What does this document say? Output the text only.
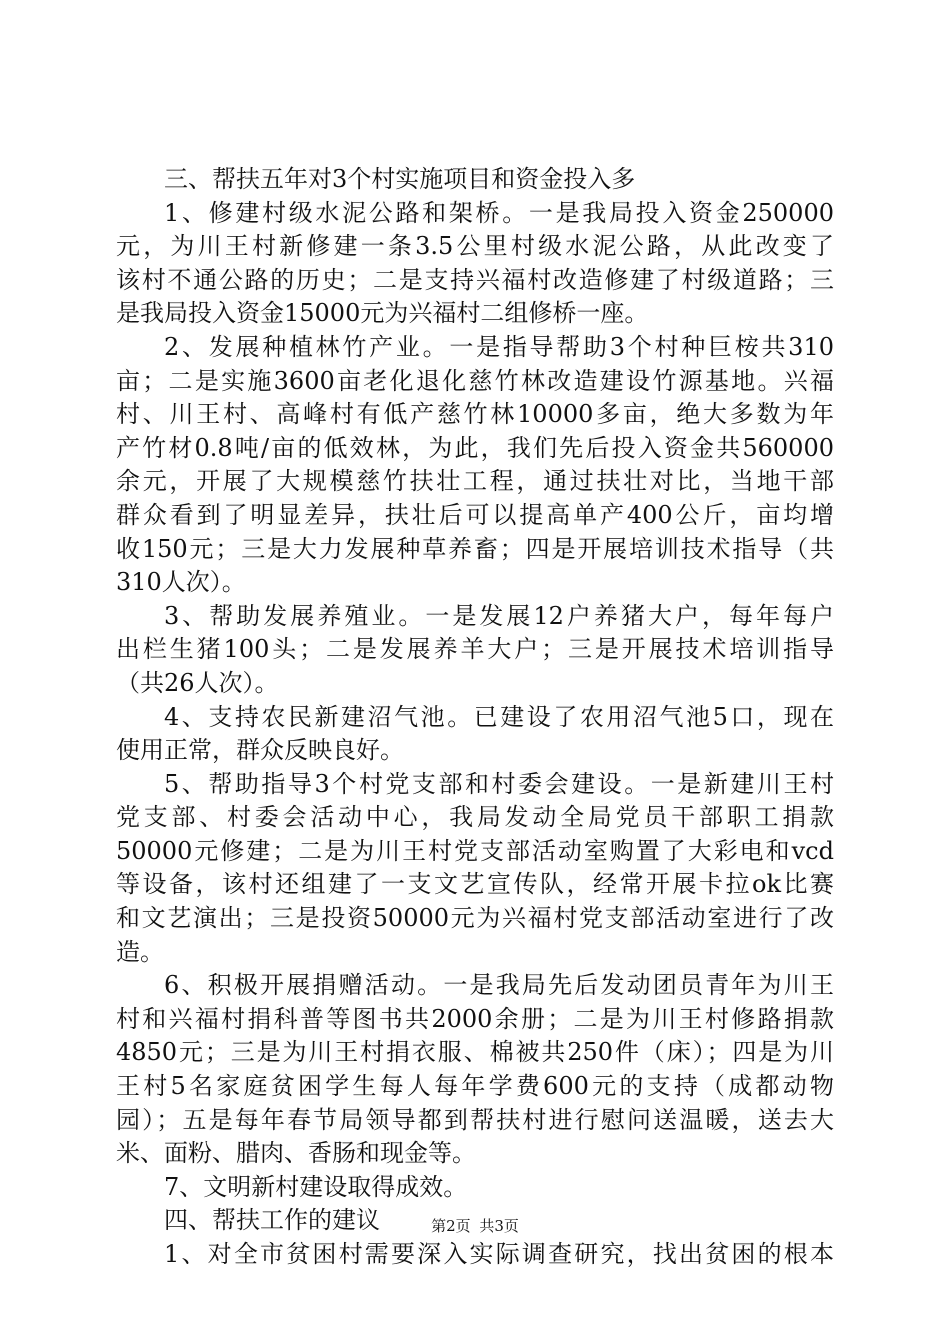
三、帮扶五年对3个村实施项目和资金投入多
1、修建村级水泥公路和架桥。一是我局投入资金250000
元，为川王村新修建一条3.5公里村级水泥公路，从此改变了
该村不通公路的历史；二是支持兴福村改造修建了村级道路；三
是我局投入资金15000元为兴福村二组修桥一座。
2、发展种植林竹产业。一是指导帮助3个村种巨桉共310
亩；二是实施3600亩老化退化慈竹林改造建设竹源基地。兴福
村、川王村、高峰村有低产慈竹林10000多亩，绝大多数为年
产竹材0.8吨/亩的低效林，为此，我们先后投入资金共560000
余元，开展了大规模慈竹扶壮工程，通过扶壮对比，当地干部
群众看到了明显差异，扶壮后可以提高单产400公斤，亩均增
收150元；三是大力发展种草养畜；四是开展培训技术指导（共
310人次）。
3、帮助发展养殖业。一是发展12户养猪大户，每年每户
出栏生猪100头；二是发展养羊大户；三是开展技术培训指导
（共26人次）。
4、支持农民新建沼气池。已建设了农用沼气池5口，现在
使用正常，群众反映良好。
5、帮助指导3个村党支部和村委会建设。一是新建川王村
党支部、村委会活动中心，我局发动全局党员干部职工捐款
50000元修建；二是为川王村党支部活动室购置了大彩电和vcd
等设备，该村还组建了一支文艺宣传队，经常开展卡拉ok比赛
和文艺演出；三是投资50000元为兴福村党支部活动室进行了改
造。
6、积极开展捐赠活动。一是我局先后发动团员青年为川王
村和兴福村捐科普等图书共2000余册；二是为川王村修路捐款
4850元；三是为川王村捐衣服、棉被共250件（床）；四是为川
王村5名家庭贫困学生每人每年学费600元的支持（成都动物
园）；五是每年春节局领导都到帮扶村进行慰问送温暖，送去大
米、面粉、腊肉、香肠和现金等。
7、文明新村建设取得成效。
四、帮扶工作的建议
1、对全市贫困村需要深入实际调查研究，找出贫困的根本
第2页 共3页
